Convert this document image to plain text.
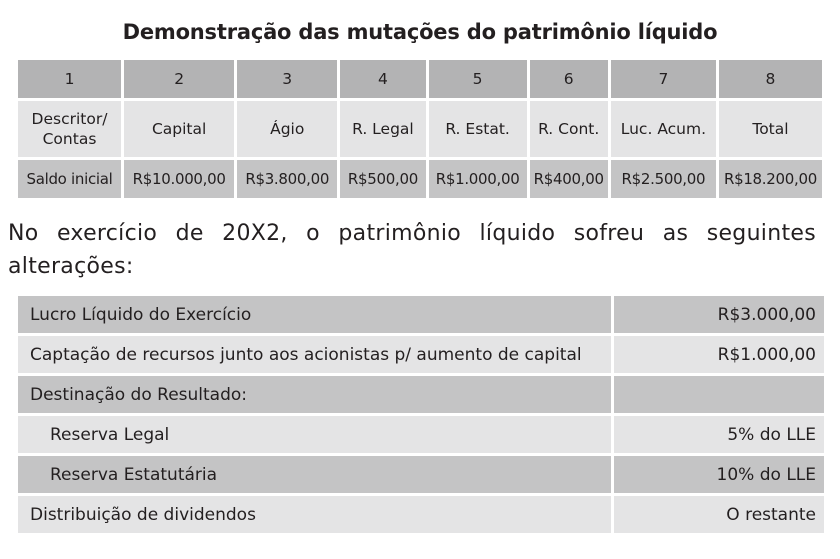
Demonstração das mutações do patrimônio líquido
1	2	3	4	5	6	7	8

Descritor/ Contas	Capital	Ágio	R. Legal	R. Estat.	R. Cont.	Luc. Acum.	Total
Saldo inicial	R$10.000,00	R$3.800,00	R$500,00	R$1.000,00	R$400,00	R$2.500,00	R$18.200,00
No exercício de 20X2, o patrimônio líquido sofreu as seguintes alterações:
Lucro Líquido do Exercício	R$3.000,00
Captação de recursos junto aos acionistas p/ aumento de capital	R$1.000,00
Destinação do Resultado:	
Reserva Legal	5% do LLE
Reserva Estatutária	10% do LLE
Distribuição de dividendos	O restante
